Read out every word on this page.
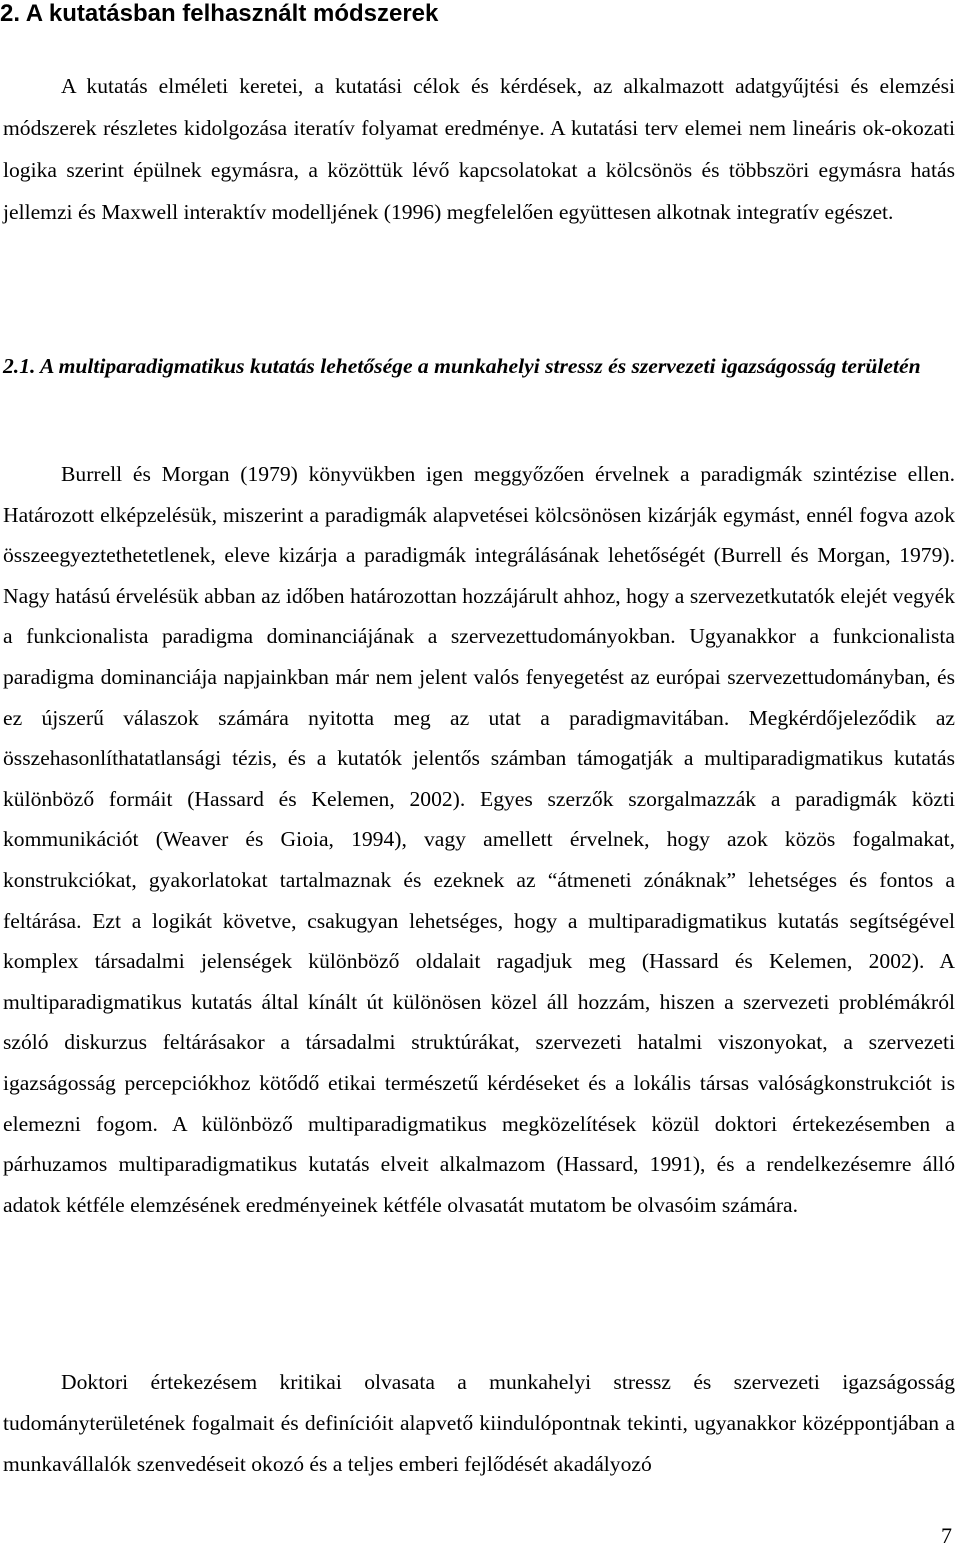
2. A kutatásban felhasznált módszerek

A kutatás elméleti keretei, a kutatási célok és kérdések, az alkalmazott adatgyűjtési és elemzési módszerek részletes kidolgozása iteratív folyamat eredménye. A kutatási terv elemei nem lineáris ok-okozati logika szerint épülnek egymásra, a közöttük lévő kapcsolatokat a kölcsönös és többszöri egymásra hatás jellemzi és Maxwell interaktív modelljének (1996) megfelelően együttesen alkotnak integratív egészet.

2.1. A multiparadigmatikus kutatás lehetősége a munkahelyi stressz és szervezeti igazságosság területén

Burrell és Morgan (1979) könyvükben igen meggyőzően érvelnek a paradigmák szintézise ellen. Határozott elképzelésük, miszerint a paradigmák alapvetései kölcsönösen kizárják egymást, ennél fogva azok összeegyeztethetetlenek, eleve kizárja a paradigmák integrálásának lehetőségét (Burrell és Morgan, 1979). Nagy hatású érvelésük abban az időben határozottan hozzájárult ahhoz, hogy a szervezetkutatók elejét vegyék a funkcionalista paradigma dominanciájának a szervezettudományokban. Ugyanakkor a funkcionalista paradigma dominanciája napjainkban már nem jelent valós fenyegetést az európai szervezettudományban, és ez újszerű válaszok számára nyitotta meg az utat a paradigmavitában. Megkérdőjeleződik az összehasonlíthatatlansági tézis, és a kutatók jelentős számban támogatják a multiparadigmatikus kutatás különböző formáit (Hassard és Kelemen, 2002). Egyes szerzők szorgalmazzák a paradigmák közti kommunikációt (Weaver és Gioia, 1994), vagy amellett érvelnek, hogy azok közös fogalmakat, konstrukciókat, gyakorlatokat tartalmaznak és ezeknek az “átmeneti zónáknak” lehetséges és fontos a feltárása. Ezt a logikát követve, csakugyan lehetséges, hogy a multiparadigmatikus kutatás segítségével komplex társadalmi jelenségek különböző oldalait ragadjuk meg (Hassard és Kelemen, 2002). A multiparadigmatikus kutatás által kínált út különösen közel áll hozzám, hiszen a szervezeti problémákról szóló diskurzus feltárásakor a társadalmi struktúrákat, szervezeti hatalmi viszonyokat, a szervezeti igazságosság percepciókhoz kötődő etikai természetű kérdéseket és a lokális társas valóságkonstrukciót is elemezni fogom. A különböző multiparadigmatikus megközelítések közül doktori értekezésemben a párhuzamos multiparadigmatikus kutatás elveit alkalmazom (Hassard, 1991), és a rendelkezésemre álló adatok kétféle elemzésének eredményeinek kétféle olvasatát mutatom be olvasóim számára.

Doktori értekezésem kritikai olvasata a munkahelyi stressz és szervezeti igazságosság tudományterületének fogalmait és definícióit alapvető kiindulópontnak tekinti, ugyanakkor középpontjában a munkavállalók szenvedéseit okozó és a teljes emberi fejlődését akadályozó

7
